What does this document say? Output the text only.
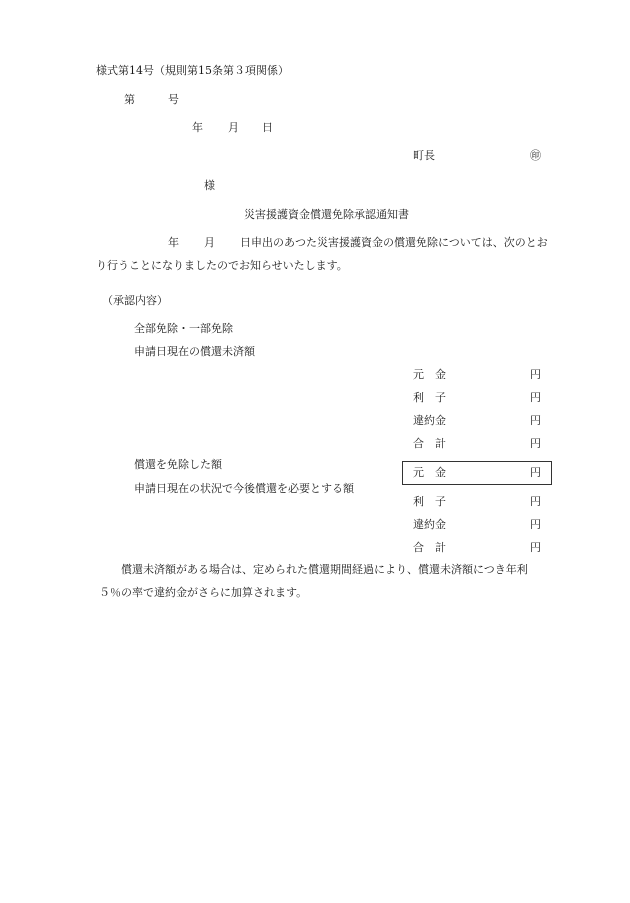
様式第14号（規則第15条第３項関係）
第	号
年 月 日
町長	㊞
様
災害援護資金償還免除承認通知書
年 月 日申出のあつた災害援護資金の償還免除については、次のとお
り行うことになりましたのでお知らせいたします。
（承認内容）
全部免除・一部免除
申請日現在の償還未済額
元　金	円
利　子	円
違約金	円
合　計	円
償還を免除した額
元　金	円
申請日現在の状況で今後償還を必要とする額
利　子	円
違約金	円
合　計	円
償還未済額がある場合は、定められた償還期間経過により、償還未済額につき年利
５％の率で違約金がさらに加算されます。
